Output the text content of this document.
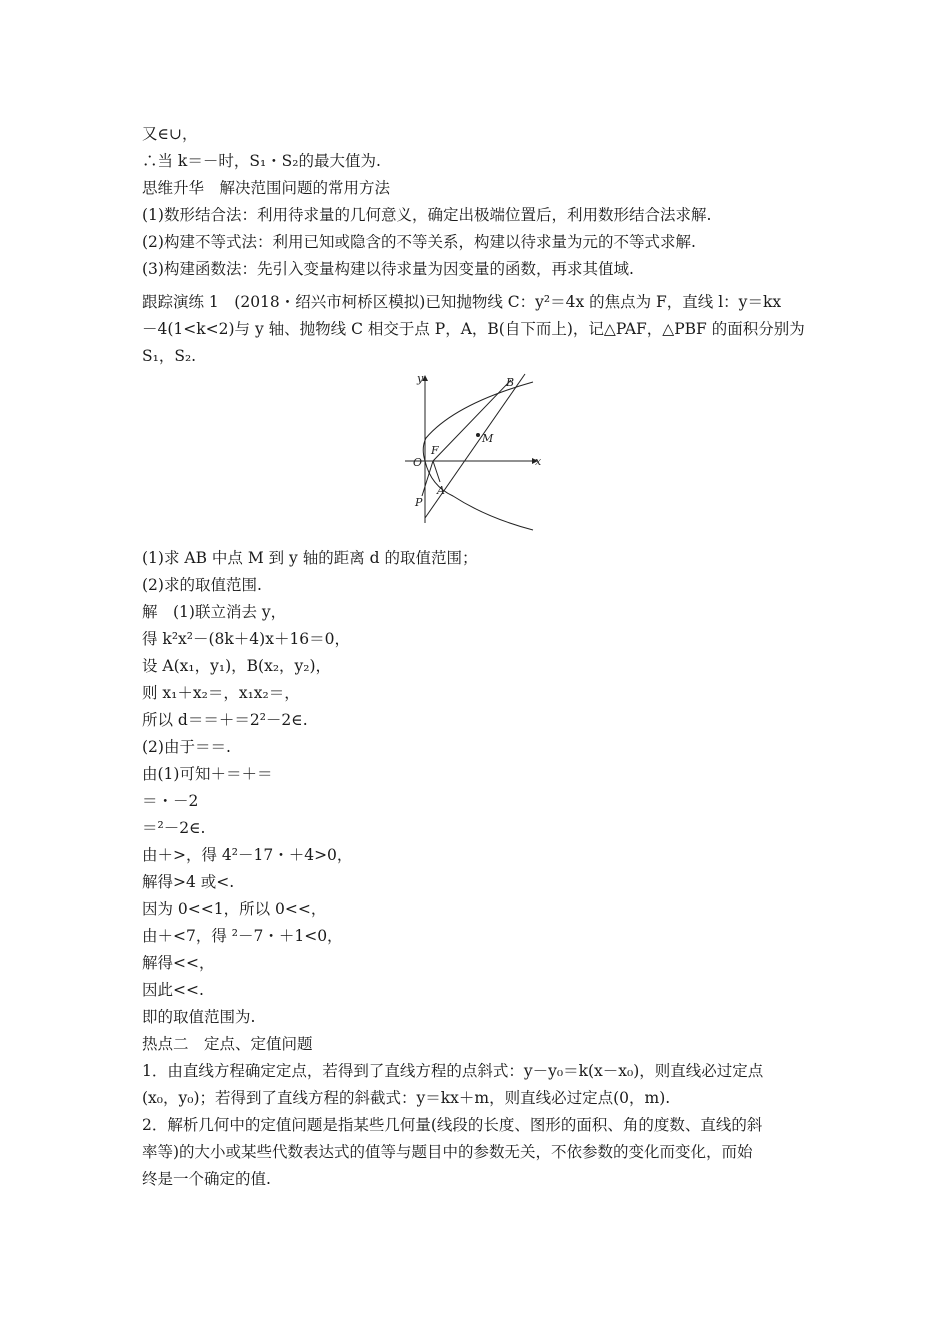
又∈∪，
∴当 k＝－时，S₁・S₂的最大值为.
思维升华　解决范围问题的常用方法
(1)数形结合法：利用待求量的几何意义，确定出极端位置后，利用数形结合法求解.
(2)构建不等式法：利用已知或隐含的不等关系，构建以待求量为元的不等式求解.
(3)构建函数法：先引入变量构建以待求量为因变量的函数，再求其值域.
跟踪演练 1　(2018・绍兴市柯桥区模拟)已知抛物线 C：y²＝4x 的焦点为 F，直线 l：y＝kx
－4(1<k<2)与 y 轴、抛物线 C 相交于点 P，A，B(自下而上)，记△PAF，△PBF 的面积分别为
S₁，S₂.
y
x
O
B
M
F
A
P
(1)求 AB 中点 M 到 y 轴的距离 d 的取值范围；
(2)求的取值范围.
解　(1)联立消去 y，
得 k²x²－(8k＋4)x＋16＝0，
设 A(x₁，y₁)，B(x₂，y₂)，
则 x₁＋x₂＝，x₁x₂＝，
所以 d＝＝＋＝2²－2∈.
(2)由于＝＝.
由(1)可知＋＝＋＝
＝・－2
＝²－2∈.
由＋>，得 4²－17・＋4>0，
解得>4 或<.
因为 0<<1，所以 0<<，
由＋<7，得 ²－7・＋1<0，
解得<<，
因此<<.
即的取值范围为.
热点二　定点、定值问题
1．由直线方程确定定点，若得到了直线方程的点斜式：y－y₀＝k(x－x₀)，则直线必过定点
(x₀，y₀)；若得到了直线方程的斜截式：y＝kx＋m，则直线必过定点(0，m).
2．解析几何中的定值问题是指某些几何量(线段的长度、图形的面积、角的度数、直线的斜
率等)的大小或某些代数表达式的值等与题目中的参数无关，不依参数的变化而变化，而始
终是一个确定的值.
